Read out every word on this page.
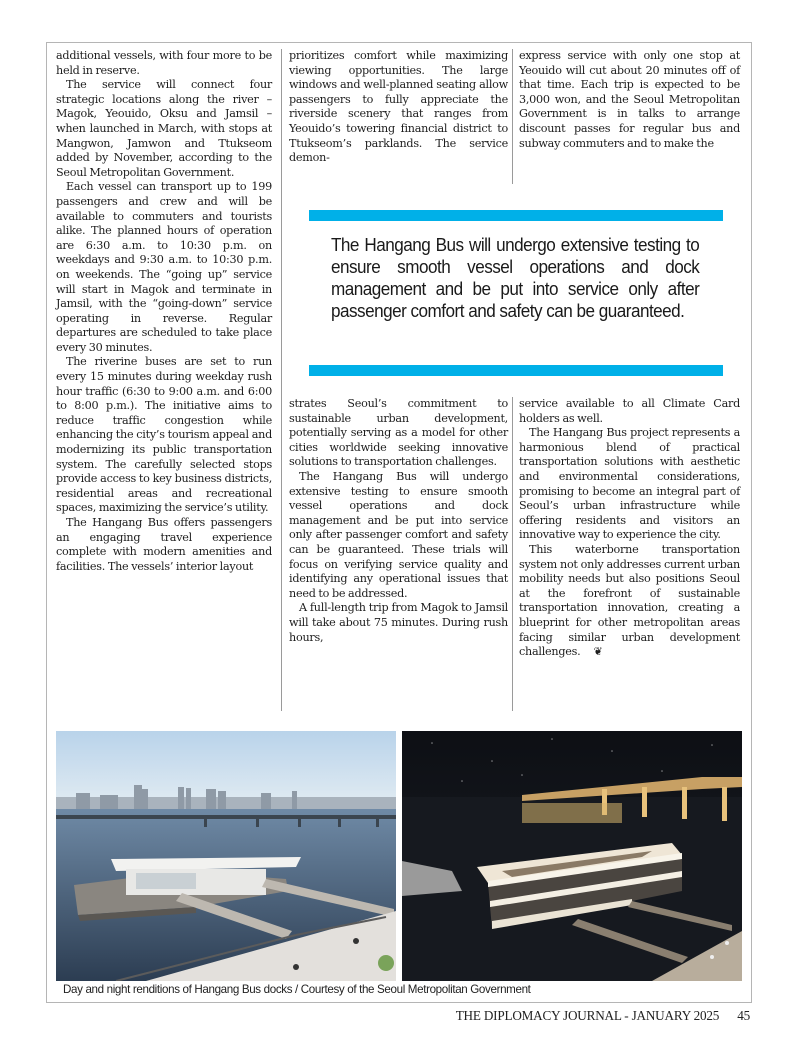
additional vessels, with four more to be held in reserve.

The service will connect four strategic locations along the river – Magok, Yeouido, Oksu and Jamsil – when launched in March, with stops at Mangwon, Jamwon and Ttukseom added by November, according to the Seoul Metropolitan Government.

Each vessel can transport up to 199 passengers and crew and will be available to commuters and tourists alike. The planned hours of operation are 6:30 a.m. to 10:30 p.m. on weekdays and 9:30 a.m. to 10:30 p.m. on weekends. The “going up” service will start in Magok and terminate in Jamsil, with the “going-down” service operating in reverse. Regular departures are scheduled to take place every 30 minutes.

The riverine buses are set to run every 15 minutes during weekday rush hour traffic (6:30 to 9:00 a.m. and 6:00 to 8:00 p.m.). The initiative aims to reduce traffic congestion while enhancing the city’s tourism appeal and modernizing its public transportation system. The carefully selected stops provide access to key business districts, residential areas and recreational spaces, maximizing the service’s utility.

The Hangang Bus offers passengers an engaging travel experience complete with modern amenities and facilities. The vessels’ interior layout

prioritizes comfort while maximizing viewing opportunities. The large windows and well-planned seating allow passengers to fully appreciate the riverside scenery that ranges from Yeouido’s towering financial district to Ttukseom’s parklands. The service demon-

express service with only one stop at Yeouido will cut about 20 minutes off of that time. Each trip is expected to be 3,000 won, and the Seoul Metropolitan Government is in talks to arrange discount passes for regular bus and subway commuters and to make the

The Hangang Bus will undergo extensive testing to ensure smooth vessel operations and dock management and be put into service only after passenger comfort and safety can be guaranteed.

strates Seoul’s commitment to sustainable urban development, potentially serving as a model for other cities worldwide seeking innovative solutions to transportation challenges.

The Hangang Bus will undergo extensive testing to ensure smooth vessel operations and dock management and be put into service only after passenger comfort and safety can be guaranteed. These trials will focus on verifying service quality and identifying any operational issues that need to be addressed.

A full-length trip from Magok to Jamsil will take about 75 minutes. During rush hours,

service available to all Climate Card holders as well.

The Hangang Bus project represents a harmonious blend of practical transportation solutions with aesthetic and environmental considerations, promising to become an integral part of Seoul’s urban infrastructure while offering residents and visitors an innovative way to experience the city.

This waterborne transportation system not only addresses current urban mobility needs but also positions Seoul at the forefront of sustainable transportation innovation, creating a blueprint for other metropolitan areas facing similar urban development challenges. ❦

Day and night renditions of Hangang Bus docks / Courtesy of the Seoul Metropolitan Government
THE DIPLOMACY JOURNAL - JANUARY 2025 45
